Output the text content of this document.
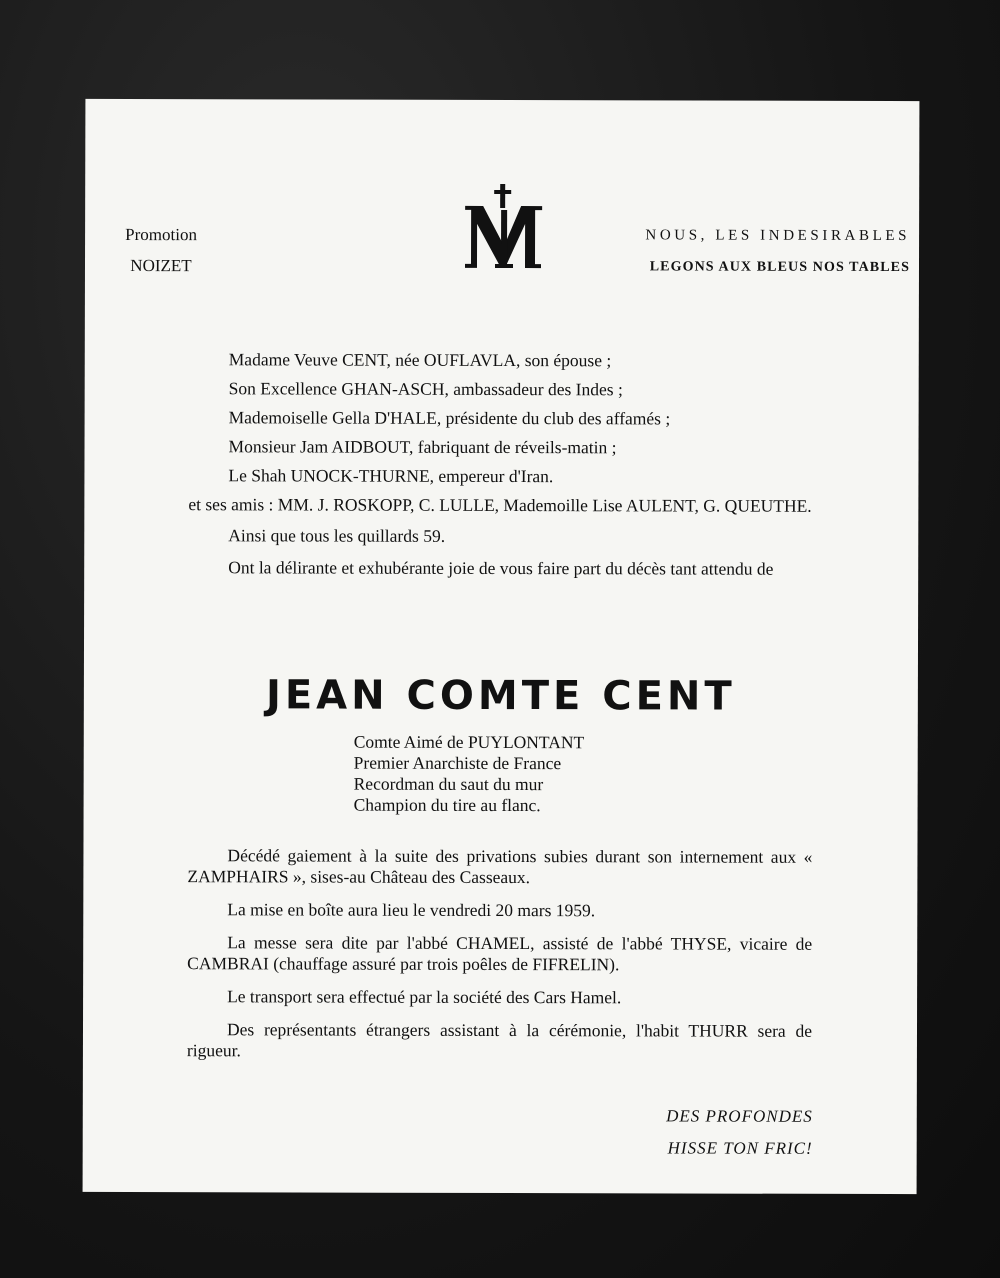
Promotion
NOIZET
NOUS, LES INDESIRABLES
LEGONS AUX BLEUS NOS TABLES

Madame Veuve CENT, née OUFLAVLA, son épouse ;

Son Excellence GHAN-ASCH, ambassadeur des Indes ;

Mademoiselle Gella D'HALE, présidente du club des affamés ;

Monsieur Jam AIDBOUT, fabriquant de réveils-matin ;

Le Shah UNOCK-THURNE, empereur d'Iran.

et ses amis : MM. J. ROSKOPP, C. LULLE, Mademoille Lise AULENT, G. QUEUTHE.

Ainsi que tous les quillards 59.

Ont la délirante et exhubérante joie de vous faire part du décès tant attendu de

JEAN COMTE CENT
Comte Aimé de PUYLONTANT
Premier Anarchiste de France
Recordman du saut du mur
Champion du tire au flanc.

Décédé gaiement à la suite des privations subies durant son internement aux « ZAMPHAIRS », sises-au Château des Casseaux.

La mise en boîte aura lieu le vendredi 20 mars 1959.

La messe sera dite par l'abbé CHAMEL, assisté de l'abbé THYSE, vicaire de CAMBRAI (chauffage assuré par trois poêles de FIFRELIN).

Le transport sera effectué par la société des Cars Hamel.

Des représentants étrangers assistant à la cérémonie, l'habit THURR sera de rigueur.

DES PROFONDES
HISSE TON FRIC!
